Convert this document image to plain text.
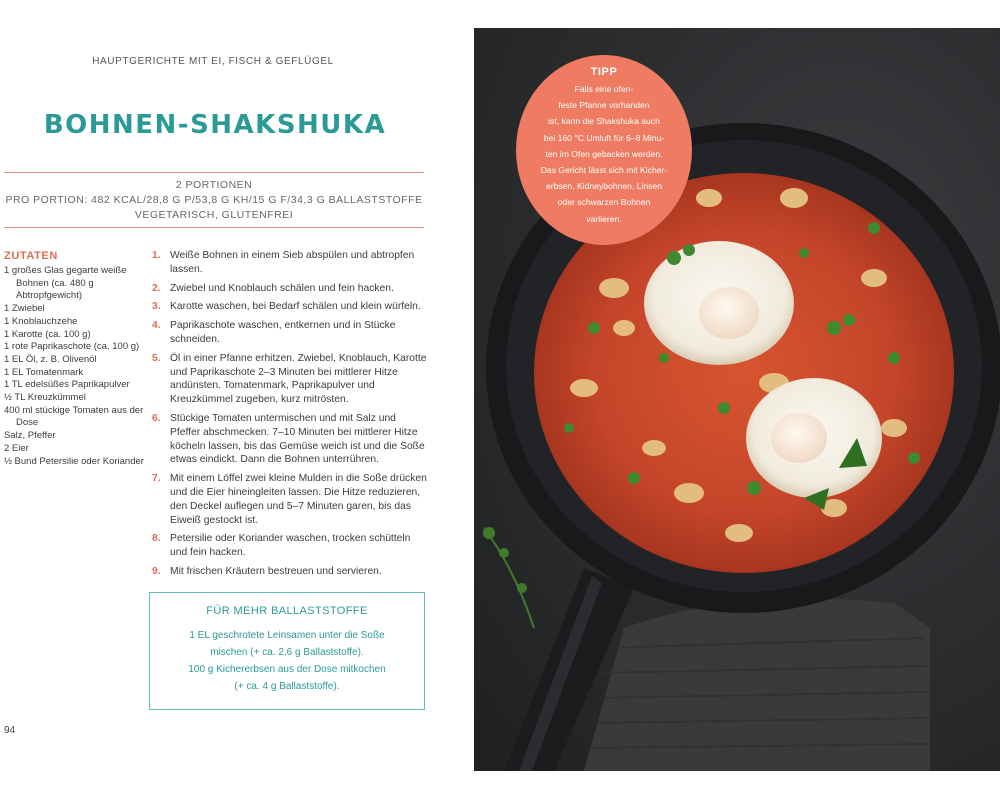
HAUPTGERICHTE MIT EI, FISCH & GEFLÜGEL
BOHNEN-SHAKSHUKA
2 PORTIONEN
PRO PORTION: 482 KCAL/28,8 G P/53,8 G KH/15 G F/34,3 G BALLASTSTOFFE
VEGETARISCH, GLUTENFREI
ZUTATEN
1 großes Glas gegarte weiße Bohnen (ca. 480 g Abtropfgewicht)
1 Zwiebel
1 Knoblauchzehe
1 Karotte (ca. 100 g)
1 rote Paprikaschote (ca. 100 g)
1 EL Öl, z. B. Olivenöl
1 EL Tomatenmark
1 TL edelsüßes Paprikapulver
½ TL Kreuzkümmel
400 ml stückige Tomaten aus der Dose
Salz, Pfeffer
2 Eier
½ Bund Petersilie oder Koriander
1. Weiße Bohnen in einem Sieb abspülen und abtropfen lassen.
2. Zwiebel und Knoblauch schälen und fein hacken.
3. Karotte waschen, bei Bedarf schälen und klein würfeln.
4. Paprikaschote waschen, entkernen und in Stücke schneiden.
5. Öl in einer Pfanne erhitzen. Zwiebel, Knoblauch, Karotte und Paprikaschote 2–3 Minuten bei mittlerer Hitze andünsten. Tomatenmark, Paprikapulver und Kreuzkümmel zugeben, kurz mitrösten.
6. Stückige Tomaten untermischen und mit Salz und Pfeffer abschmecken. 7–10 Minuten bei mittlerer Hitze köcheln lassen, bis das Gemüse weich ist und die Soße etwas eindickt. Dann die Bohnen unterrühren.
7. Mit einem Löffel zwei kleine Mulden in die Soße drücken und die Eier hineingleiten lassen. Die Hitze reduzieren, den Deckel auflegen und 5–7 Minuten garen, bis das Eiweiß gestockt ist.
8. Petersilie oder Koriander waschen, trocken schütteln und fein hacken.
9. Mit frischen Kräutern bestreuen und servieren.
FÜR MEHR BALLASTSTOFFE
1 EL geschrotete Leinsamen unter die Soße
mischen (+ ca. 2,6 g Ballaststoffe).
100 g Kichererbsen aus der Dose mitkochen
(+ ca. 4 g Ballaststoffe).
94
TIPP
Falls eine ofen-
feste Pfanne vorhanden
ist, kann die Shakshuka auch
bei 160 °C Umluft für 6–8 Minu-
ten im Ofen gebacken werden.
Das Gericht lässt sich mit Kicher-
erbsen, Kidneybohnen, Linsen
oder schwarzen Bohnen
variieren.
